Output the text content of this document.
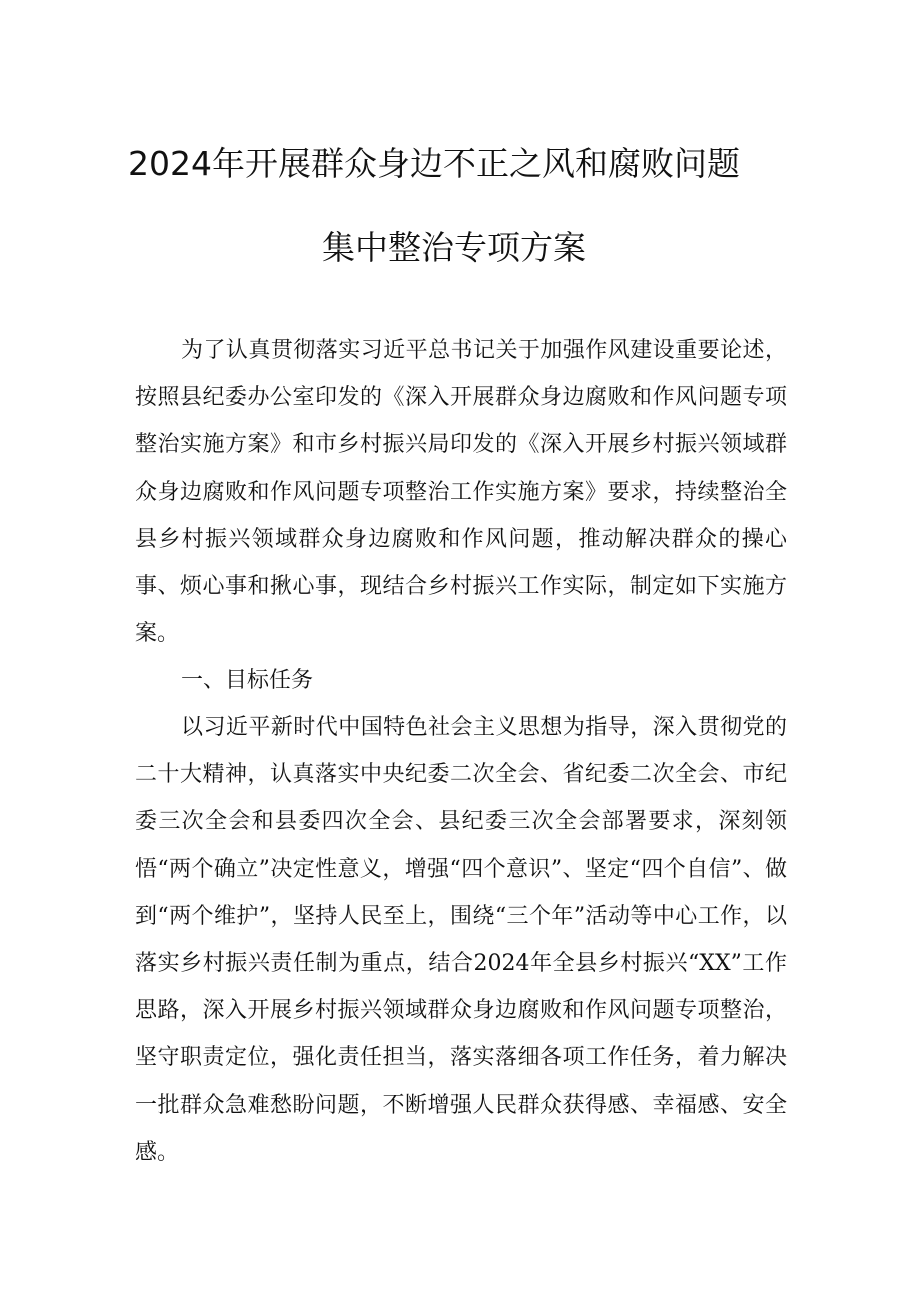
2024年开展群众身边不正之风和腐败问题
集中整治专项方案

为了认真贯彻落实习近平总书记关于加强作风建设重要论述，按照县纪委办公室印发的《深入开展群众身边腐败和作风问题专项整治实施方案》和市乡村振兴局印发的《深入开展乡村振兴领域群众身边腐败和作风问题专项整治工作实施方案》要求，持续整治全县乡村振兴领域群众身边腐败和作风问题，推动解决群众的操心事、烦心事和揪心事，现结合乡村振兴工作实际，制定如下实施方案。

一、目标任务

以习近平新时代中国特色社会主义思想为指导，深入贯彻党的二十大精神，认真落实中央纪委二次全会、省纪委二次全会、市纪委三次全会和县委四次全会、县纪委三次全会部署要求，深刻领悟“两个确立”决定性意义，增强“四个意识”、坚定“四个自信”、做到“两个维护”，坚持人民至上，围绕“三个年”活动等中心工作，以落实乡村振兴责任制为重点，结合2024年全县乡村振兴“XX”工作思路，深入开展乡村振兴领域群众身边腐败和作风问题专项整治，坚守职责定位，强化责任担当，落实落细各项工作任务，着力解决一批群众急难愁盼问题，不断增强人民群众获得感、幸福感、安全感。
